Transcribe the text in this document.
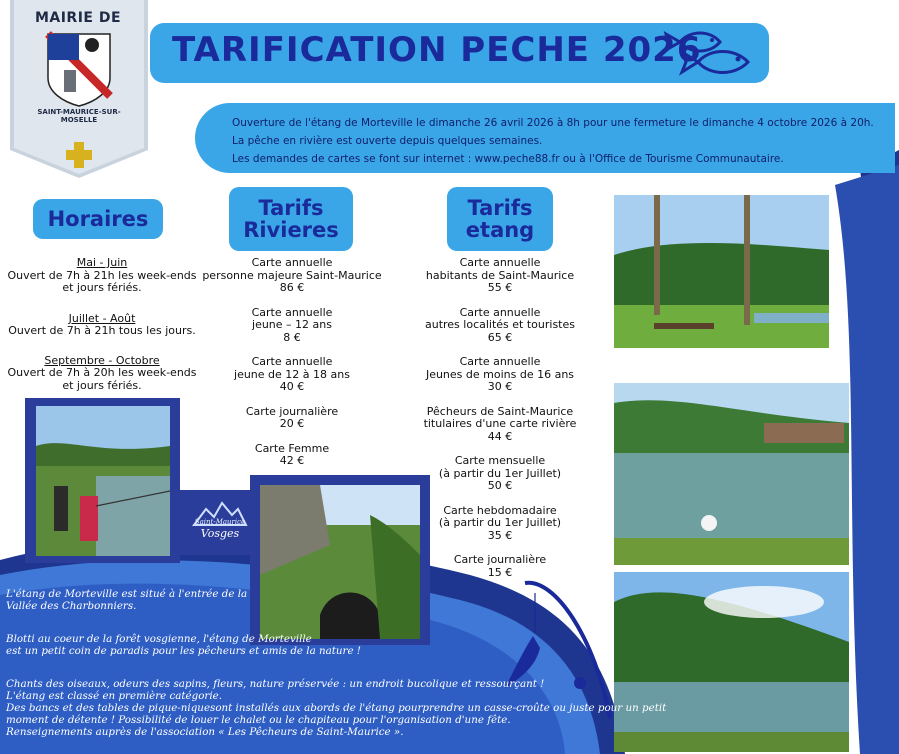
MAIRIE DE
SAINT-MAURICE-SUR-MOSELLE
TARIFICATION PECHE 2026
Ouverture de l'étang de Morteville le dimanche 26 avril 2026 à 8h pour une fermeture le dimanche 4 octobre 2026 à 20h.
La pêche en rivière est ouverte depuis quelques semaines.
Les demandes de cartes se font sur internet : www.peche88.fr ou à l'Office de Tourisme Communautaire.
Horaires	Tarifs
Rivieres
Tarifs
etang
Mai - Juin
Ouvert de 7h à 21h les week-ends
et jours fériés.
Juillet - Août
Ouvert de 7h à 21h tous les jours.
Septembre - Octobre
Ouvert de 7h à 20h les week-ends
et jours fériés.
Carte annuelle
personne majeure Saint-Maurice
86 €
Carte annuelle
jeune – 12 ans
8 €
Carte annuelle
jeune de 12 à 18 ans
40 €
Carte journalière
20 €
Carte Femme
42 €
Carte annuelle
habitants de Saint-Maurice
55 €
Carte annuelle
autres localités et touristes
65 €
Carte annuelle
Jeunes de moins de 16 ans
30 €
Pêcheurs de Saint-Maurice
titulaires d'une carte rivière
44 €
Carte mensuelle
(à partir du 1er Juillet)
50 €
Carte hebdomadaire
(à partir du 1er Juillet)
35 €
Carte journalière
15 €
Saint-Maurice
Vosges
L'étang de Morteville est situé à l'entrée de la
Vallée des Charbonniers.
Blotti au coeur de la forêt vosgienne, l'étang de Morteville
est un petit coin de paradis pour les pêcheurs et amis de la nature !
Chants des oiseaux, odeurs des sapins, fleurs, nature préservée : un endroit bucolique et ressourçant !
L'étang est classé en première catégorie.
Des bancs et des tables de pique-niquesont installés aux abords de l'étang pourprendre un casse-croûte ou juste pour un petit
moment de détente ! Possibilité de louer le chalet ou le chapiteau pour l'organisation d'une fête.
Renseignements auprès de l'association « Les Pêcheurs de Saint-Maurice ».
